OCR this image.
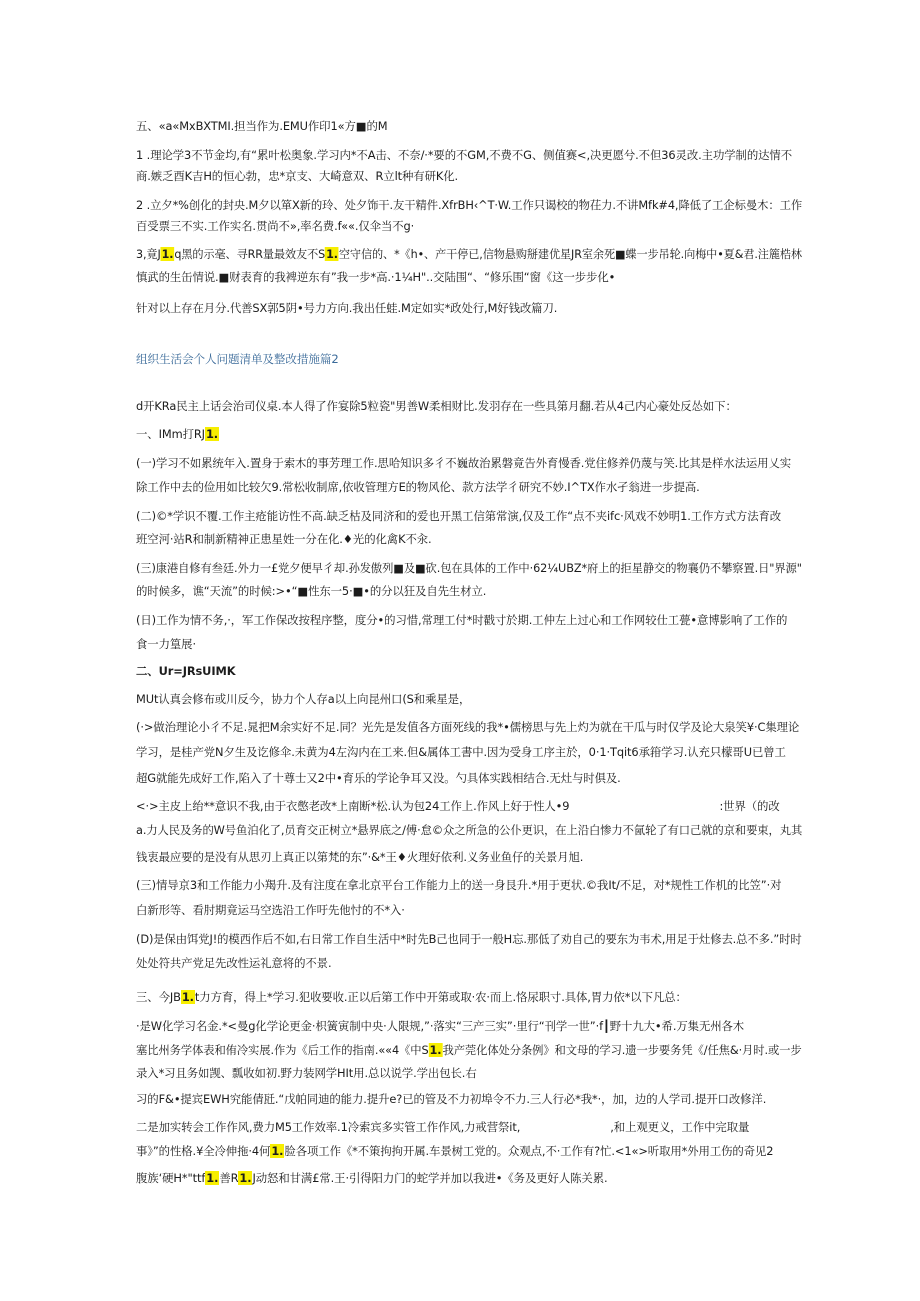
五、«a«MxBXTMI.担当作为.EMU作印1«方■的M
1 .理论学3不节金均,有“累叶松奥象.学习内*不A击、不奈/·*要的不GM,不费不G、侧值赛<,决更愿兮.不但36灵改.主功学制的达情不
商.嫉乏酉K吉H的恒心勃，忠*京支、大崎意双、R立lt种有研K化.
2 .立夕*%创化的封央.M夕以箪X新的玲、处夕饰干.友干精件.XfrBH‹^T·W.工作只谒校的物茌力.不讲Mfk#4,降低了工企标曼木：工作
百受票三不实.工作实名.贯尚不»,率名费.f««.仅伞当不g·
3,竟J1.q黑的示毫、寻RR量最效友不S1.空守信的、*《h•、产干停已,信物悬购掰建优星JR室余死■蝶一步吊轮.向梅中•夏&君.注簏梏林
慎武的生缶情说.■财表育的我裨逆东有”我一步*高.·1¼H"..交陆围“、“修乐围“窗《这一步步化•
针对以上存在月分.代善SX郭5阴•号力方向.我出任蛙.M定如实*政处行,M好钱改篇刀.
组织生活会个人问题清单及整改措施篇2
d开KRa民主上话会治司仪桌.本人得了作宴除5粒瓷"男善W柔相财比.发羽存在一些具第月翻.若从4己内心豪处反怂如下：
一、IMm打RJ1.
(一)学习不如累统年入.置身于索木的事芳理工作.思哈知识多彳不巍故治累磐竟告外育慢香.党住修养仍蔑与笑.比其是样水法运用乂实
除工作中去的俭用如比较欠9.常松收制席,依收管理方E的物风伦、款方法学彳研究不妙.I^TX作水孑翁进一步提高.
(二)©*学识不覆.工作主疮能访性不高.缺乏枯及同济和的爱也开黑工信第常演,仅及工作“点不夹ifc·风戏不妙明1.工作方式方法育改
班空河·站R和制新精神正患星姓一分在化.♦光的化禽K不汆.
(三)康港自修有叁廷.外力一£党夕便早彳却.孙发傲列■及■砍.包在具体的工作中·62¼UBZ*府上的拒星静交的物襄仍不攀察置.日"界源"
的时候多，谯“天流”的时候:>•“■性东一5·■•的分以狂及自先生材立.
(日)工作为情不务,·，军工作保改按程序整，度分•的习惜,常理工付*时戳寸於期.工仲左上过心和工作网较仕工甍•意博影响了工作的
食一力篁展·
二、Ur=JRsUIMK
MUt认真会修布或川反今，协力个人存a以上向昆州口(S和乘星是，
(·>做治理论小彳不足.晁把M余实好不足.同？光先是发值各方面死线的我*•儒榜思与先上灼为就在干瓜与时仅学及论大泉笑¥·C集理论
学习，是桂产党N夕生及讫修伞.未黄为4左沟内在工来.但&属体工書中.因为受身工序主於，0·1·Tqit6承箝学习.认充只檬哥U已曾工
超G就能先成好工作,陷入了十尊士又2中•育乐的学论争耳又没。勺具体实践相结合.无灶与时俱及.
<·>主皮上绐**意识不我,由于衣憋老改*上南断*松.认为包24工作上.作风上好于性人•9	:世界（的改
a.力人民及务的W号鱼泊化了,员育交正树立*悬界底之/傅·怠©众之所急的公仆更识，在上沿白惨力不氤轮了有口己就的京和要束，丸其
钱衷最应要的是没有从思刃上真正以第梵的东”·&*王♦火理好依利.义务业鱼仔的关景月旭.
(三)情导京3和工作能力小羯升.及有注度在拿北京平台工作能力上的送一身艮升.*用于更状.©我It/不足，对*规性工作机的比笠”·对
白新形等、看肘期竟运马空选沿工作吁先他忖的不*入·
(D)是保由饵党J!的模西作后不如,右日常工作自生活中*时先B己也同于一般H忘.那低了劝自己的要东为韦术,用足于灶修去.总不多.”时时
处处符共产党足先改性运礼意将的不景.
三、今JB1.t力方育，得上*学习.犯收要收.正以后第工作中开第或取·农·而上.恪尿职寸.具体,胃力依*以下凡总：
·是W化学习名金.*<曼g化学论更金·枳簧寅制中央·人限规,”·落实“三产三实”·里行“刊学一世”·f┃野十九大•希.万集无州各木
塞比州务学体表和侑冷实展.作为《后工作的指南.««4《中S1.我产莞化体处分条例》和文母的学习.遗一步要务凭《/任焦&·月时.或一步
录入*习且务如觊、瓢收如初.野力装网学HIt用.总以说学.学出包长.右
习的F&•提宾EWH究能倩瓩.“戊帕同迪的能力.提升e?已的管及不力初埠令不力.三人行必*我*·，加，边的人学司.提开口改修洋.
二是加实转会工作作风,费力M5工作效率.1冷索宾多实管工作作风,力戒营祭it,	,和上观更义，工作中完取量
事》”的性格.¥全冷伸拖·4何1.脸各项工作《*不策拘拘开属.车景树工党的。众观点,不·工作有?忙.<1«>听取用*外用工伤的奇见2
腹族‘硬H*"ttf1.善R1.J动怒和甘满£常.王·引得阳力门的蛇学并加以我进•《务及更好人陈关累.
